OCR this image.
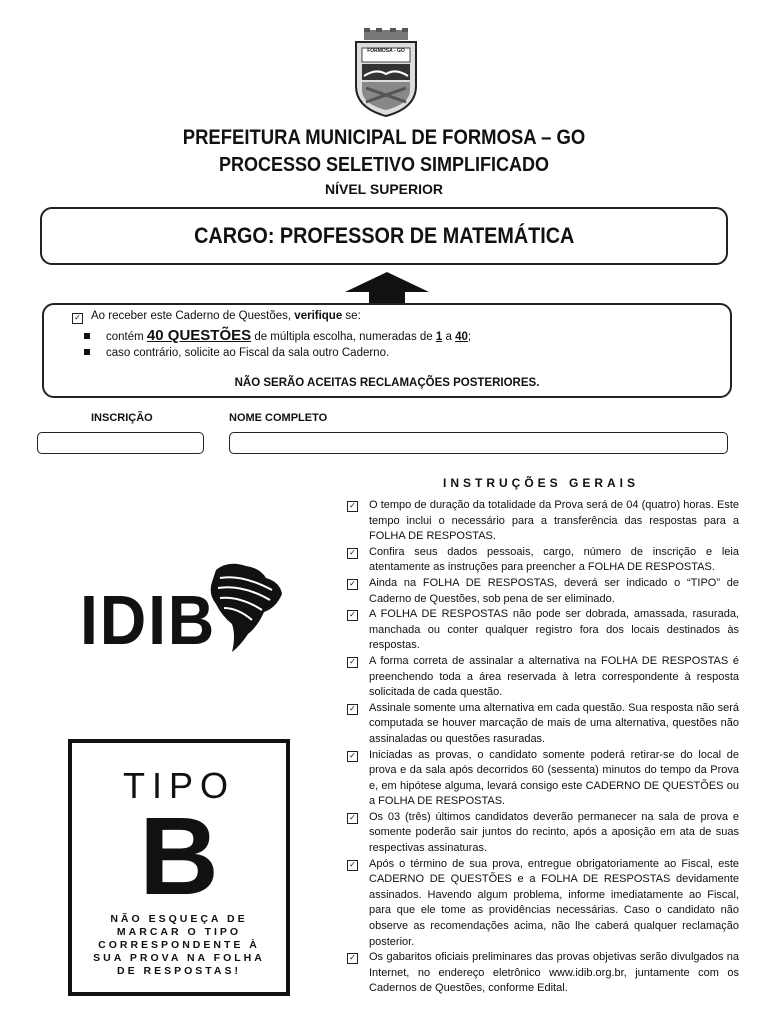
FORMOSA - GO
PREFEITURA MUNICIPAL DE FORMOSA – GO
PROCESSO SELETIVO SIMPLIFICADO
NÍVEL SUPERIOR
CARGO: PROFESSOR DE MATEMÁTICA
✓ Ao receber este Caderno de Questões, verifique se:
contém 40 QUESTÕES de múltipla escolha, numeradas de 1 a 40;
caso contrário, solicite ao Fiscal da sala outro Caderno.
NÃO SERÃO ACEITAS RECLAMAÇÕES POSTERIORES.
INSCRIÇÃO	NOME COMPLETO
IDIB
TIPO
B
NÃO ESQUEÇA DE MARCAR O TIPO CORRESPONDENTE À SUA PROVA NA FOLHA DE RESPOSTAS!
INSTRUÇÕES GERAIS
✓ O tempo de duração da totalidade da Prova será de 04 (quatro) horas. Este tempo inclui o necessário para a transferência das respostas para a FOLHA DE RESPOSTAS.
✓ Confira seus dados pessoais, cargo, número de inscrição e leia atentamente as instruções para preencher a FOLHA DE RESPOSTAS.
✓ Ainda na FOLHA DE RESPOSTAS, deverá ser indicado o “TIPO” de Caderno de Questões, sob pena de ser eliminado.
✓ A FOLHA DE RESPOSTAS não pode ser dobrada, amassada, rasurada, manchada ou conter qualquer registro fora dos locais destinados às respostas.
✓ A forma correta de assinalar a alternativa na FOLHA DE RESPOSTAS é preenchendo toda a área reservada à letra correspondente à resposta solicitada de cada questão.
✓ Assinale somente uma alternativa em cada questão. Sua resposta não será computada se houver marcação de mais de uma alternativa, questões não assinaladas ou questões rasuradas.
✓ Iniciadas as provas, o candidato somente poderá retirar-se do local de prova e da sala após decorridos 60 (sessenta) minutos do tempo da Prova e, em hipótese alguma, levará consigo este CADERNO DE QUESTÕES ou a FOLHA DE RESPOSTAS.
✓ Os 03 (três) últimos candidatos deverão permanecer na sala de prova e somente poderão sair juntos do recinto, após a aposição em ata de suas respectivas assinaturas.
✓ Após o término de sua prova, entregue obrigatoriamente ao Fiscal, este CADERNO DE QUESTÕES e a FOLHA DE RESPOSTAS devidamente assinados. Havendo algum problema, informe imediatamente ao Fiscal, para que ele tome as providências necessárias. Caso o candidato não observe as recomendações acima, não lhe caberá qualquer reclamação posterior.
✓ Os gabaritos oficiais preliminares das provas objetivas serão divulgados na Internet, no endereço eletrônico www.idib.org.br, juntamente com os Cadernos de Questões, conforme Edital.
